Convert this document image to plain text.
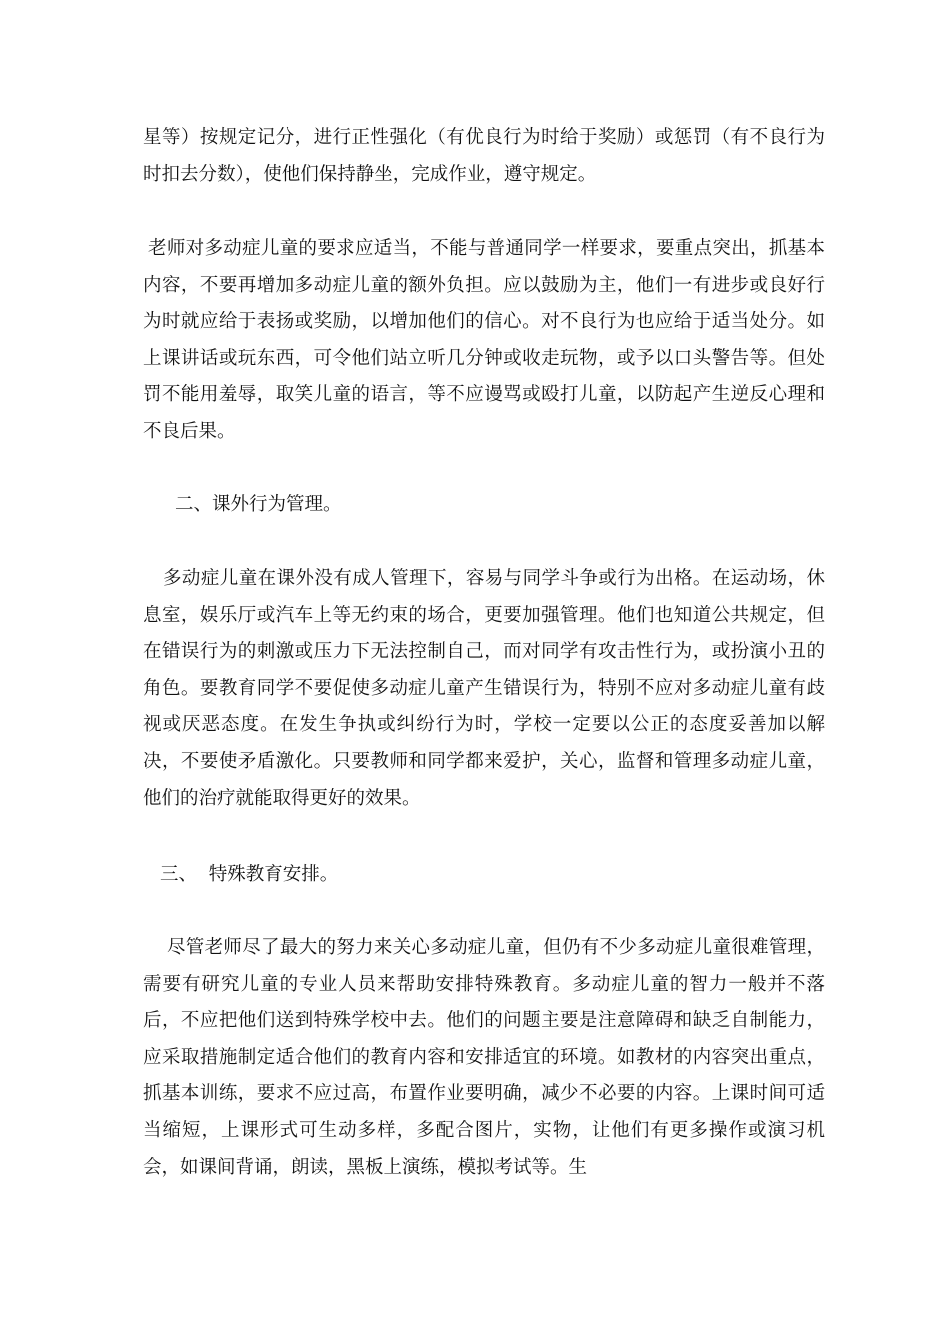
星等）按规定记分，进行正性强化（有优良行为时给于奖励）或惩罚（有不良行为时扣去分数），使他们保持静坐，完成作业，遵守规定。

老师对多动症儿童的要求应适当，不能与普通同学一样要求，要重点突出，抓基本内容，不要再增加多动症儿童的额外负担。应以鼓励为主，他们一有进步或良好行为时就应给于表扬或奖励，以增加他们的信心。对不良行为也应给于适当处分。如上课讲话或玩东西，可令他们站立听几分钟或收走玩物，或予以口头警告等。但处罚不能用羞辱，取笑儿童的语言，等不应谩骂或殴打儿童，以防起产生逆反心理和不良后果。

二、课外行为管理。

多动症儿童在课外没有成人管理下，容易与同学斗争或行为出格。在运动场，休息室，娱乐厅或汽车上等无约束的场合，更要加强管理。他们也知道公共规定，但在错误行为的刺激或压力下无法控制自己，而对同学有攻击性行为，或扮演小丑的角色。要教育同学不要促使多动症儿童产生错误行为，特别不应对多动症儿童有歧视或厌恶态度。在发生争执或纠纷行为时，学校一定要以公正的态度妥善加以解决，不要使矛盾激化。只要教师和同学都来爱护，关心，监督和管理多动症儿童，他们的治疗就能取得更好的效果。

三、  特殊教育安排。

尽管老师尽了最大的努力来关心多动症儿童，但仍有不少多动症儿童很难管理，需要有研究儿童的专业人员来帮助安排特殊教育。多动症儿童的智力一般并不落后，不应把他们送到特殊学校中去。他们的问题主要是注意障碍和缺乏自制能力，应采取措施制定适合他们的教育内容和安排适宜的环境。如教材的内容突出重点，抓基本训练，要求不应过高，布置作业要明确，减少不必要的内容。上课时间可适当缩短，上课形式可生动多样，多配合图片，实物，让他们有更多操作或演习机会，如课间背诵，朗读，黑板上演练，模拟考试等。生
